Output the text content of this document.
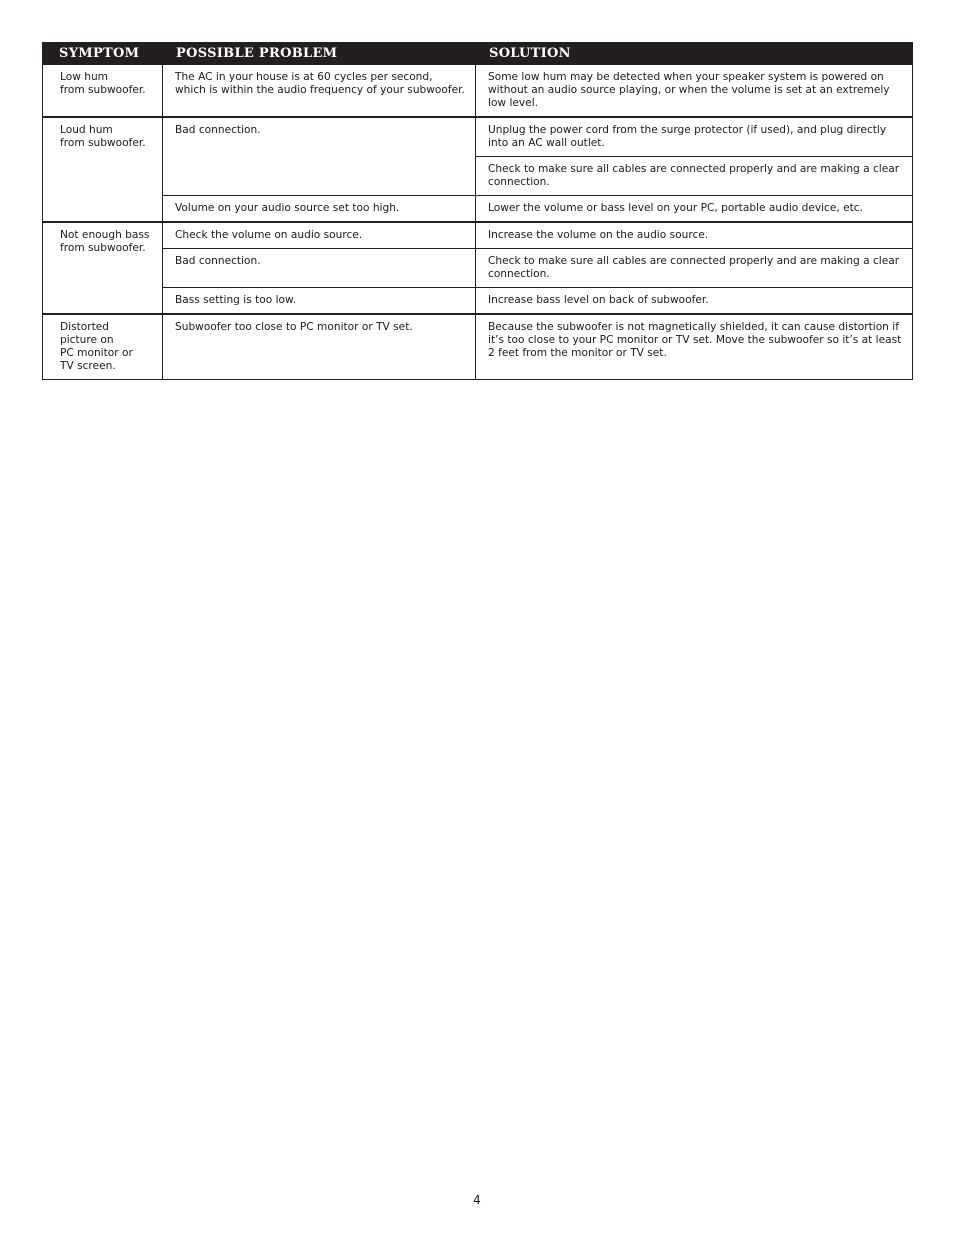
SYMPTOM	POSSIBLE PROBLEM	SOLUTION

Low hum
from subwoofer.	The AC in your house is at 60 cycles per second, which is within the audio frequency of your subwoofer.	Some low hum may be detected when your speaker system is powered on without an audio source playing, or when the volume is set at an extremely low level.

Loud hum
from subwoofer.	Bad connection.	Unplug the power cord from the surge protector (if used), and plug directly into an AC wall outlet.
		Check to make sure all cables are connected properly and are making a clear connection.
	Volume on your audio source set too high.	Lower the volume or bass level on your PC, portable audio device, etc.

Not enough bass
from subwoofer.	Check the volume on audio source.	Increase the volume on the audio source.
	Bad connection.	Check to make sure all cables are connected properly and are making a clear connection.
	Bass setting is too low.	Increase bass level on back of subwoofer.

Distorted
picture on
PC monitor or
TV screen.	Subwoofer too close to PC monitor or TV set.	Because the subwoofer is not magnetically shielded, it can cause distortion if it’s too close to your PC monitor or TV set. Move the subwoofer so it’s at least 2 feet from the monitor or TV set.
4
